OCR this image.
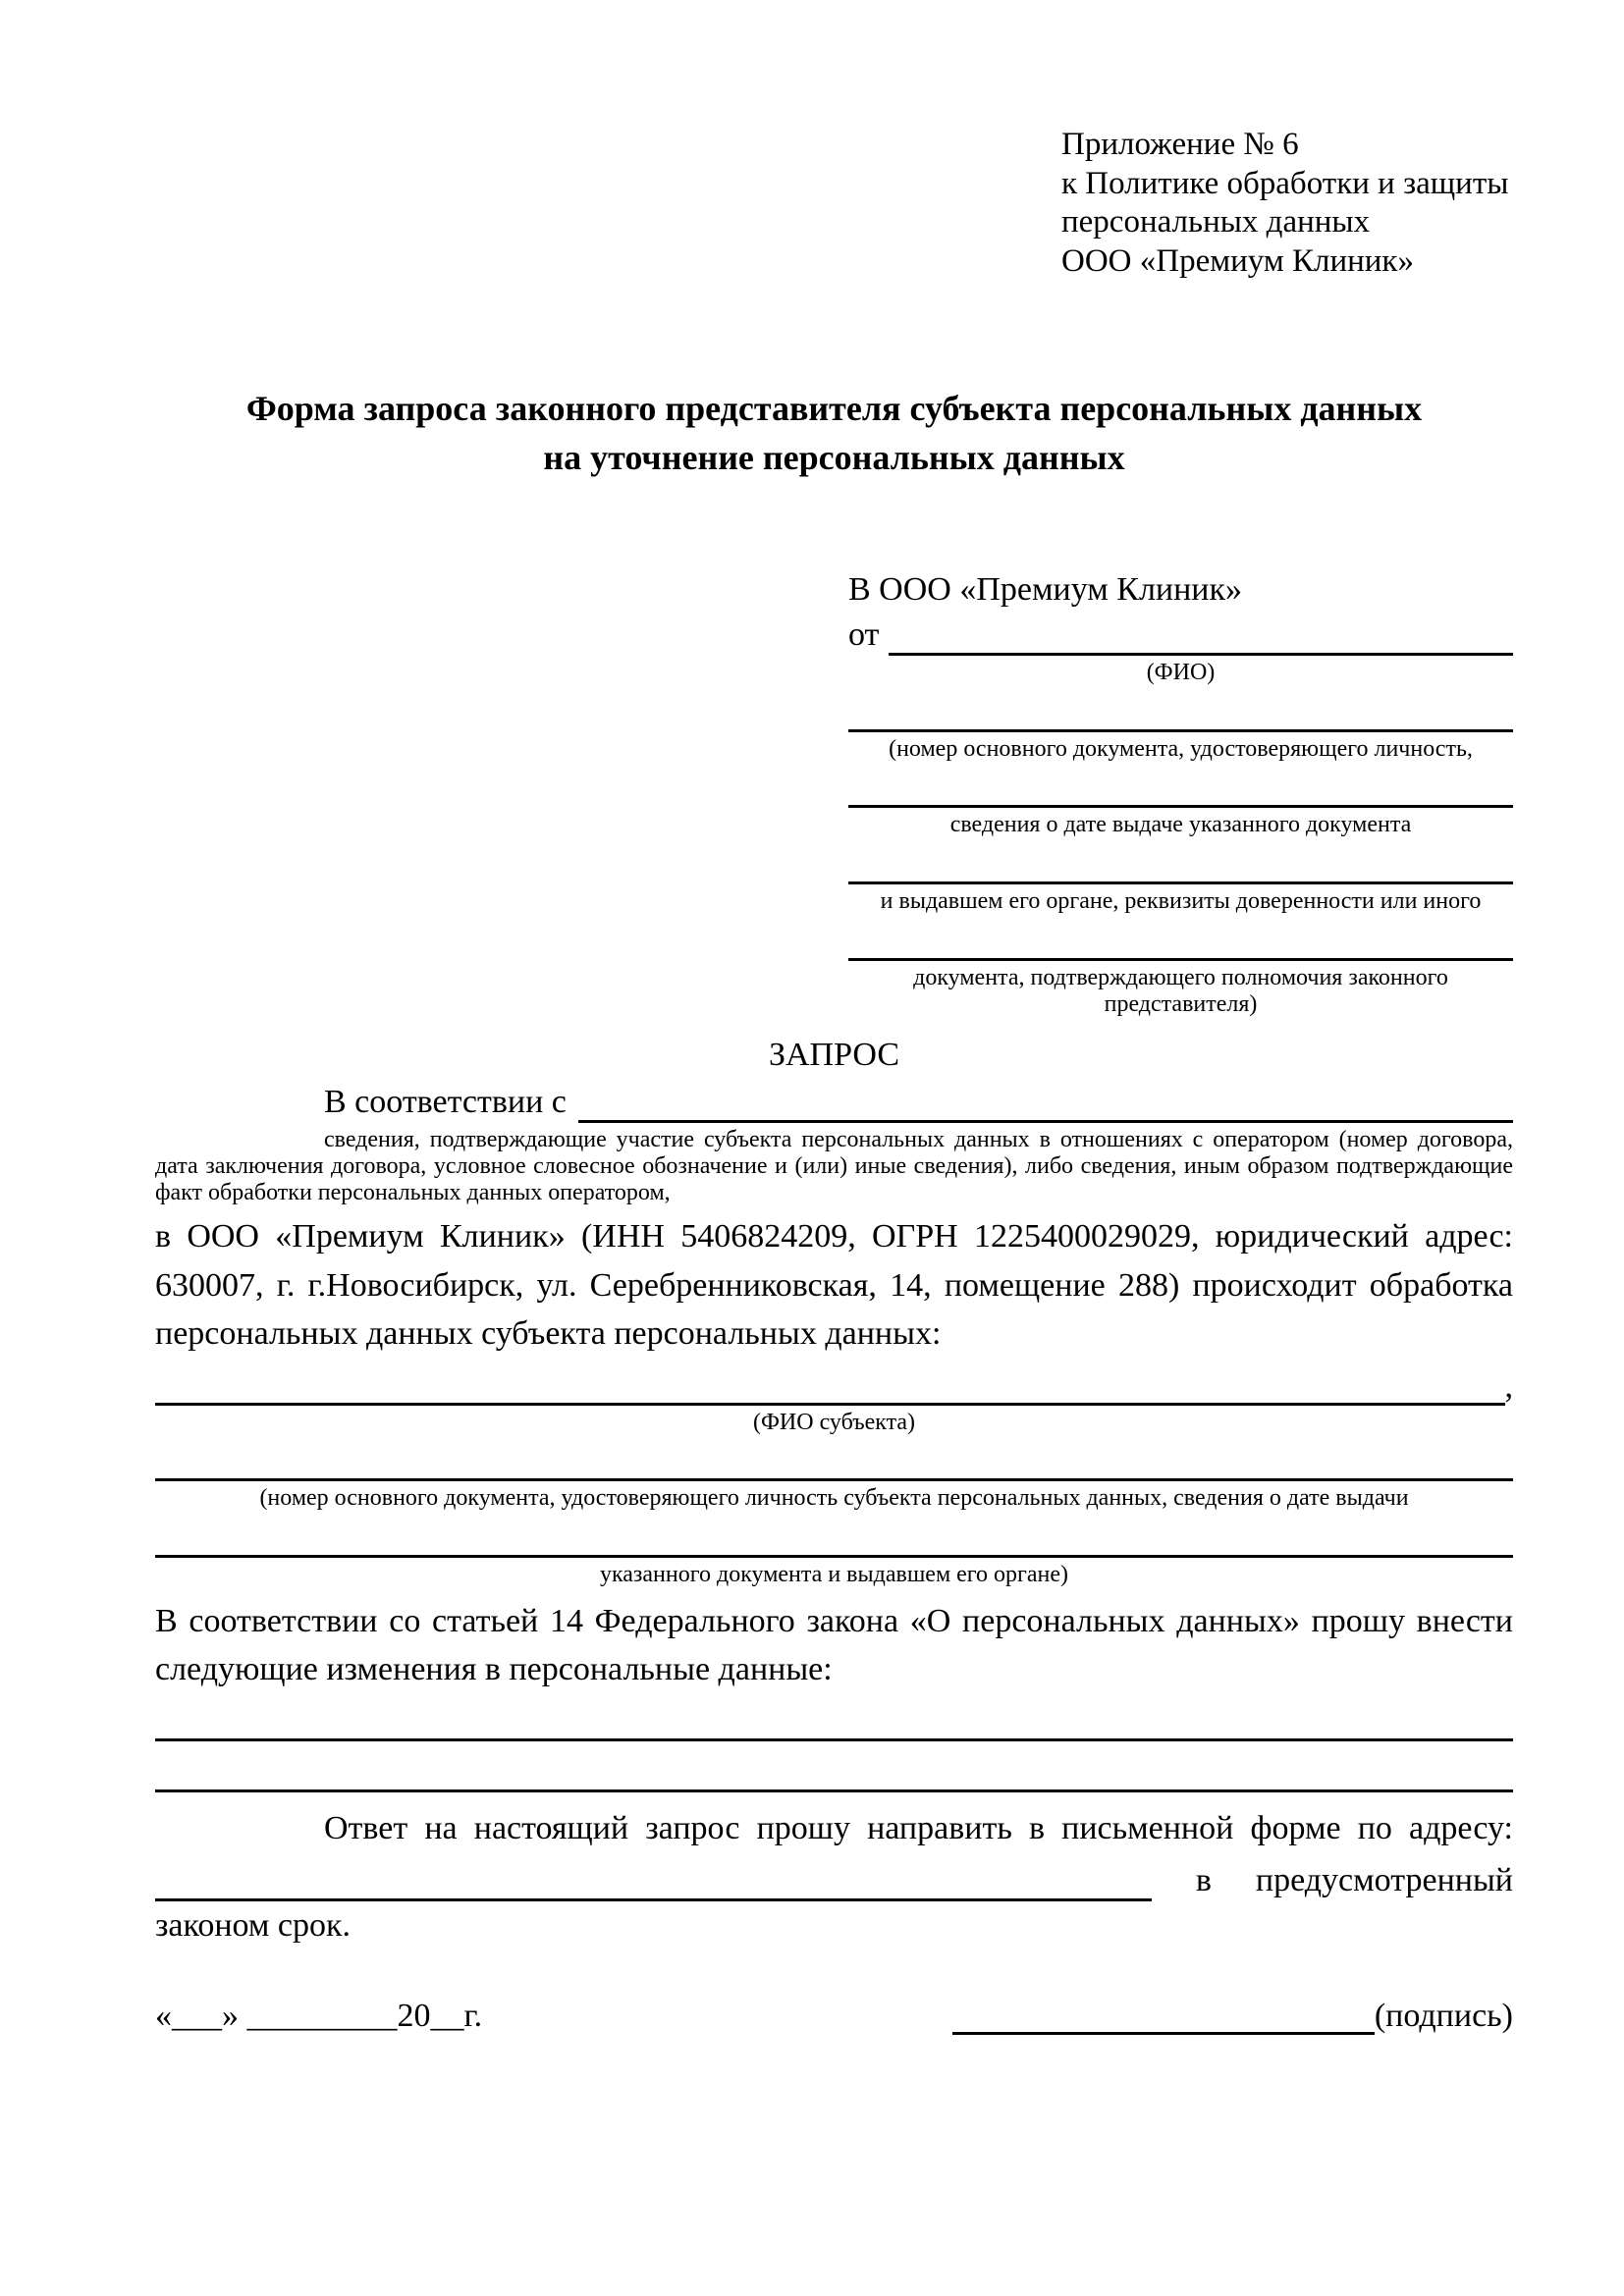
Приложение № 6
к Политике обработки и защиты
персональных данных
ООО «Премиум Клиник»
Форма запроса законного представителя субъекта персональных данных
на уточнение персональных данных
В ООО «Премиум Клиник»
от
(ФИО)
(номер основного документа, удостоверяющего личность,
сведения о дате выдаче указанного документа
и выдавшем его органе, реквизиты доверенности или иного
документа, подтверждающего полномочия законного представителя)
ЗАПРОС
В соответствии с
сведения, подтверждающие участие субъекта персональных данных в отношениях с оператором (номер договора, дата заключения договора, условное словесное обозначение и (или) иные сведения), либо сведения, иным образом подтверждающие факт обработки персональных данных оператором,
в ООО «Премиум Клиник» (ИНН 5406824209, ОГРН 1225400029029, юридический адрес: 630007, г. г.Новосибирск, ул. Серебренниковская, 14, помещение 288) происходит обработка персональных данных субъекта персональных данных:
,
(ФИО субъекта)
(номер основного документа, удостоверяющего личность субъекта персональных данных, сведения о дате выдачи
указанного документа и выдавшем его органе)
В соответствии со статьей 14 Федерального закона «О персональных данных» прошу внести следующие изменения в персональные данные:
Ответ на настоящий запрос прошу направить в письменной форме по адресу:
в предусмотренный
законом срок.
«___» _________20__г.	(подпись)
